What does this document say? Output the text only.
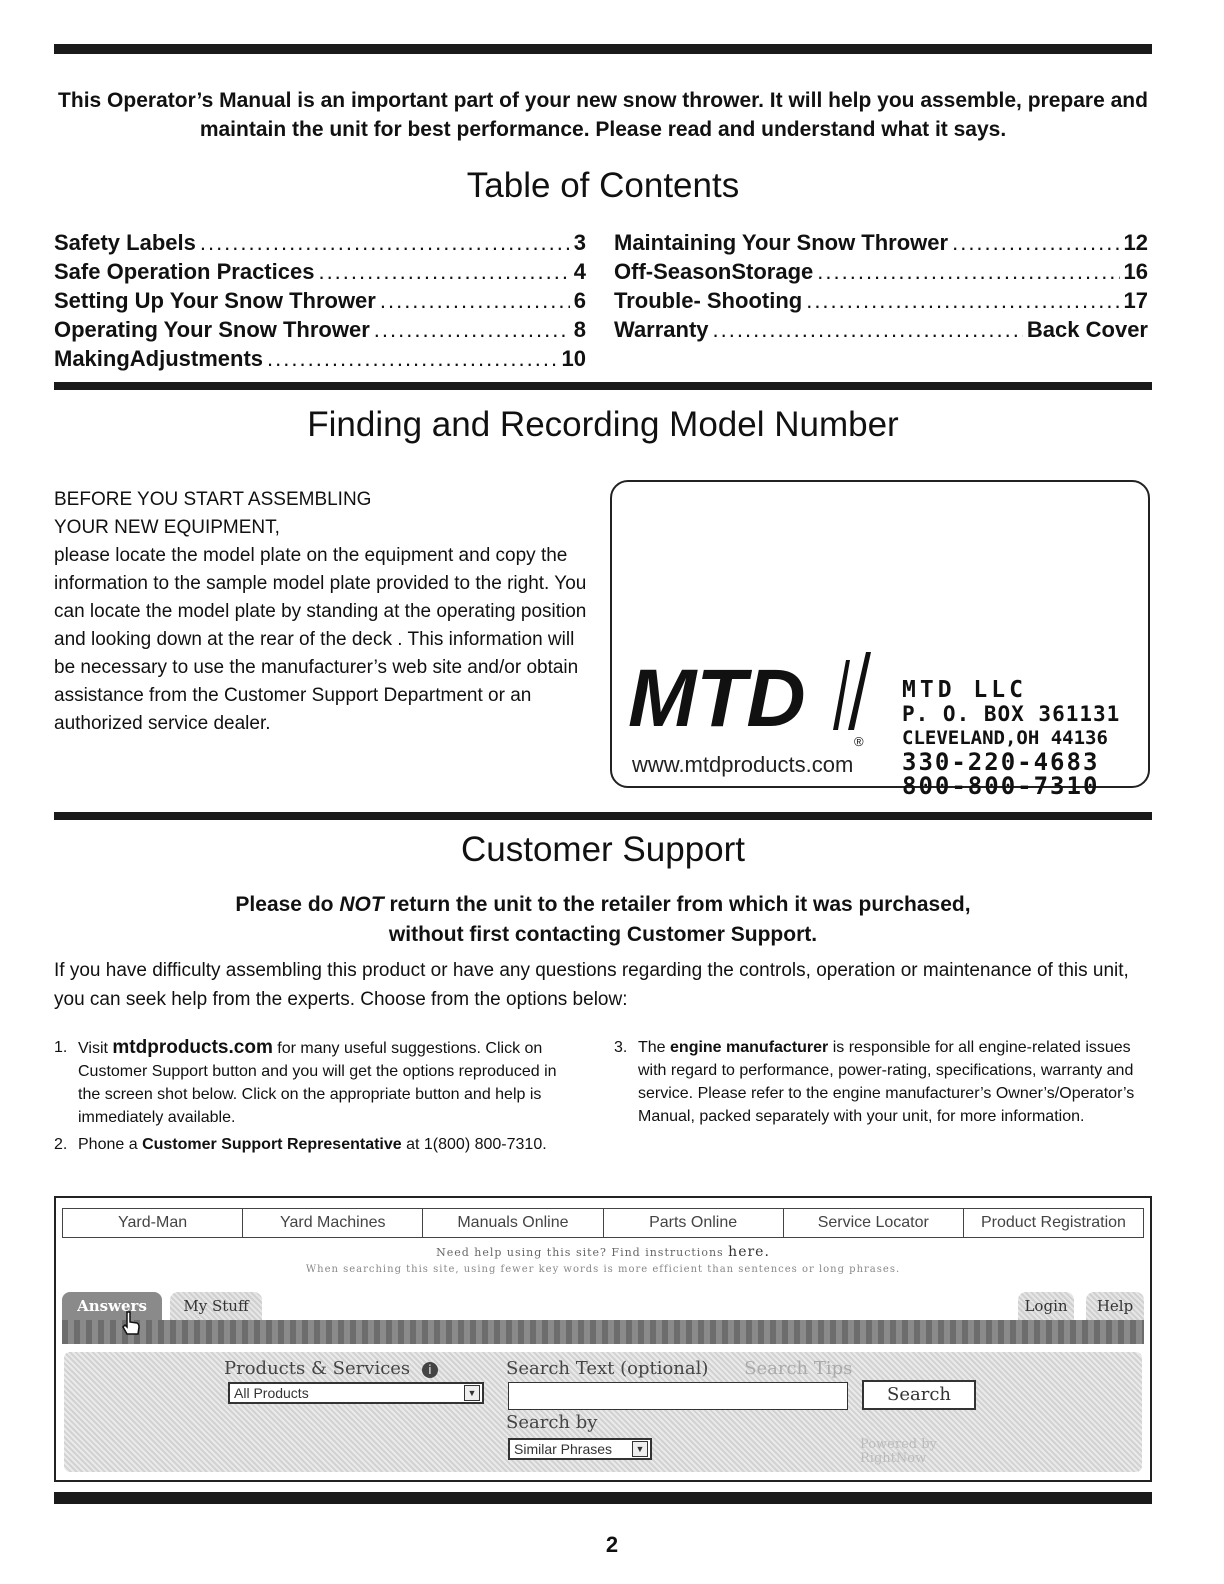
This Operator’s Manual is an important part of your new snow thrower. It will help you assemble, prepare and maintain the unit for best performance. Please read and understand what it says.
Table of Contents
Safety Labels .....	3
Safe Operation Practices .....	4
Setting Up Your Snow Thrower .....	6
Operating Your Snow Thrower .....	8
MakingAdjustments .....	10
Maintaining Your Snow Thrower .....	12
Off-SeasonStorage .....	16
Trouble- Shooting .....	17
Warranty .....	Back Cover
Finding and Recording Model Number
BEFORE YOU START ASSEMBLING
YOUR NEW EQUIPMENT,
please locate the model plate on the equipment and copy the information to the sample model plate provided to the right. You can locate the model plate by standing at the operating position and looking down at the rear of the deck . This information will be necessary to use the manufacturer’s web site and/or obtain assistance from the Customer Support Department or an authorized service dealer.	MTD	®
www.mtdproducts.com
MTD LLC
P. O. BOX 361131
CLEVELAND,OH 44136
330-220-4683
800-800-7310
Customer Support
Please do NOT return the unit to the retailer from which it was purchased,
without first contacting Customer Support.
If you have difficulty assembling this product or have any questions regarding the controls, operation or maintenance of this unit, you can seek help from the experts. Choose from the options below:
1. Visit mtdproducts.com for many useful suggestions. Click on Customer Support button and you will get the options reproduced in the screen shot below. Click on the appropriate button and help is immediately available.
2. Phone a Customer Support Representative at 1(800) 800-7310.
3. The engine manufacturer is responsible for all engine-related issues with regard to performance, power-rating, specifications, warranty and service. Please refer to the engine manufacturer’s Owner’s/Operator’s Manual, packed separately with your unit, for more information.
Yard-Man	Yard Machines	Manuals Online	Parts Online	Service Locator	Product Registration
Need help using this site? Find instructions here.
When searching this site, using fewer key words is more efficient than sentences or long phrases.
Answers	My Stuff	Login	Help
Products & Services i
All Products	▼
Search Text (optional) Search Tips
Search
Search by
Similar Phrases	▼	Powered by RightNow
2
